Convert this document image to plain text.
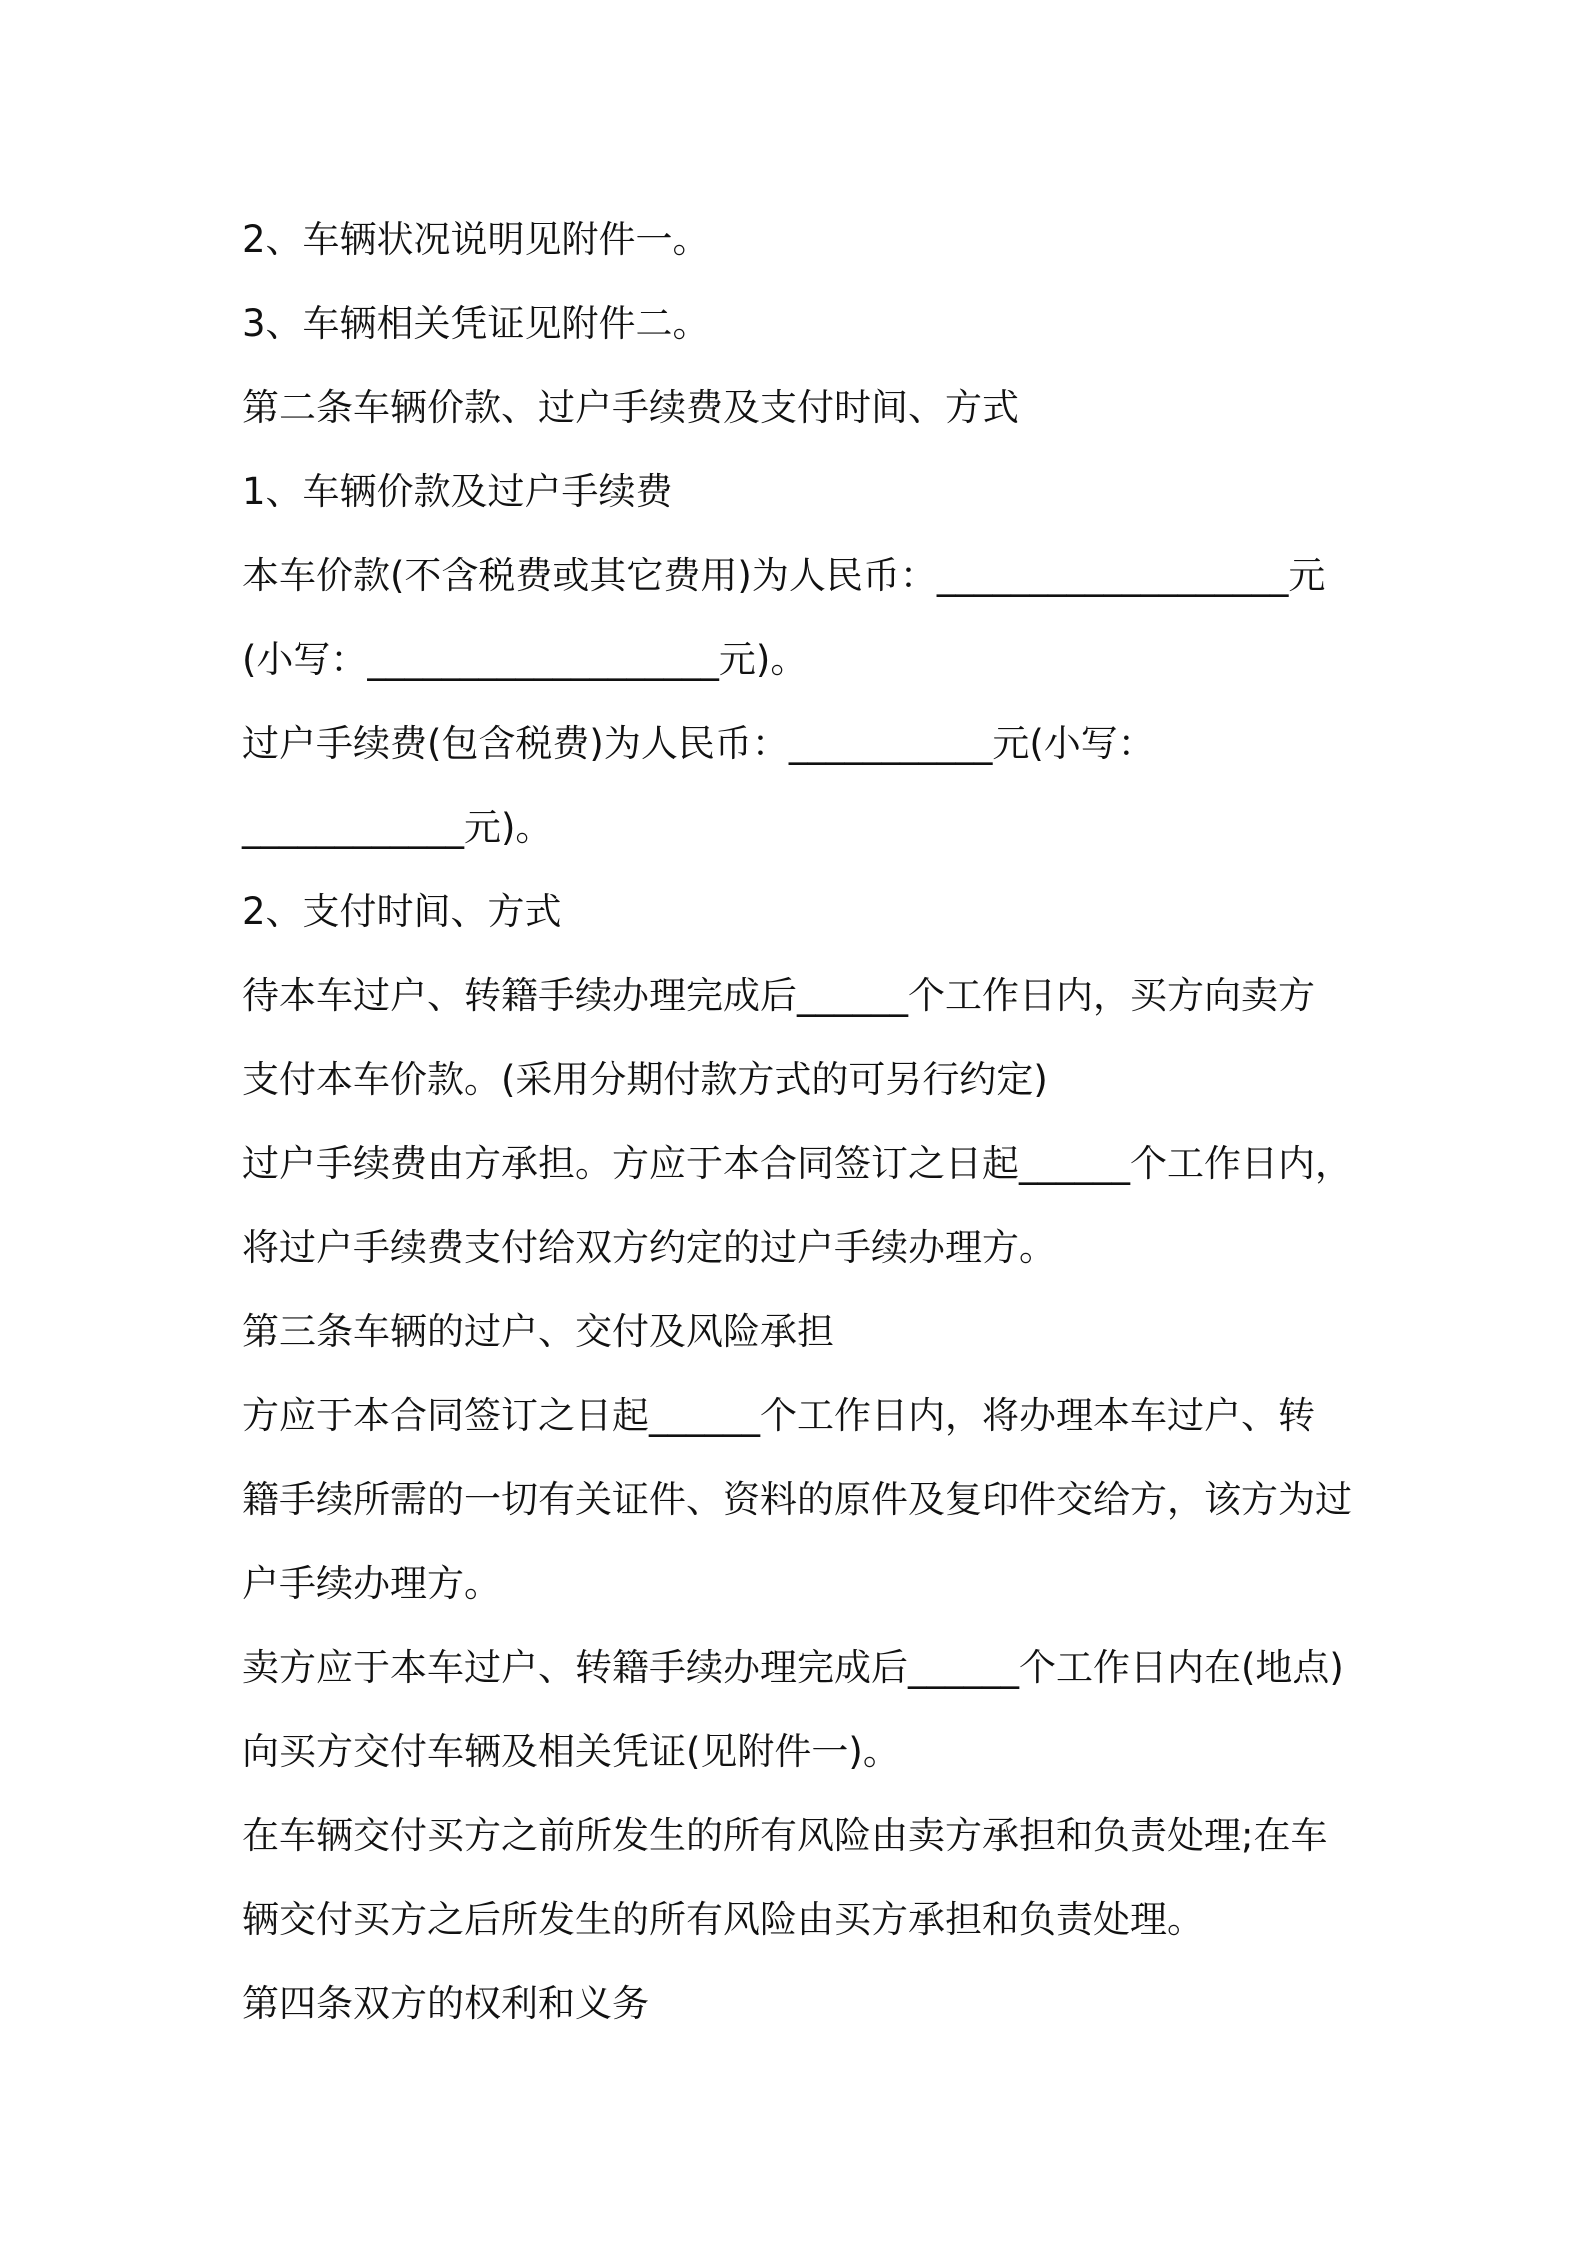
2、车辆状况说明见附件一。
3、车辆相关凭证见附件二。
第二条车辆价款、过户手续费及支付时间、方式
1、车辆价款及过户手续费
本车价款(不含税费或其它费用)为人民币：___________________元
(小写：___________________元)。
过户手续费(包含税费)为人民币：___________元(小写：
____________元)。
2、支付时间、方式
待本车过户、转籍手续办理完成后______个工作日内，买方向卖方
支付本车价款。(采用分期付款方式的可另行约定)
过户手续费由方承担。方应于本合同签订之日起______个工作日内，
将过户手续费支付给双方约定的过户手续办理方。
第三条车辆的过户、交付及风险承担
方应于本合同签订之日起______个工作日内，将办理本车过户、转
籍手续所需的一切有关证件、资料的原件及复印件交给方，该方为过
户手续办理方。
卖方应于本车过户、转籍手续办理完成后______个工作日内在(地点)
向买方交付车辆及相关凭证(见附件一)。
在车辆交付买方之前所发生的所有风险由卖方承担和负责处理;在车
辆交付买方之后所发生的所有风险由买方承担和负责处理。
第四条双方的权利和义务
